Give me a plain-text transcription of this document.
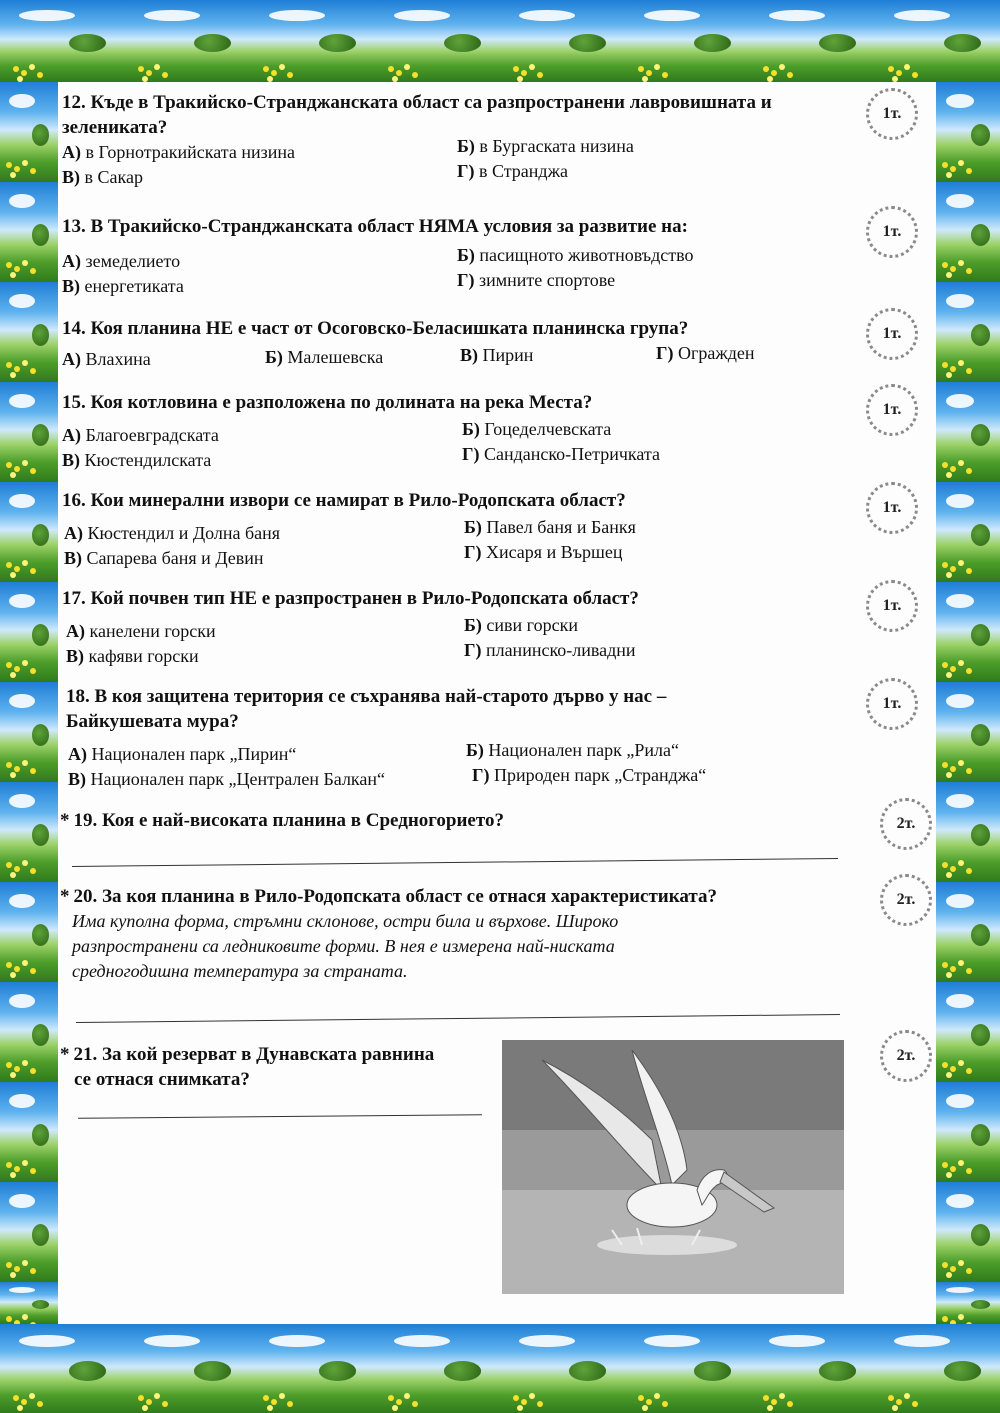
12. Къде в Тракийско-Странджанската област са разпространени лавровишната и зелениката?
А) в Горнотракийската низина	Б) в Бургаската низина
В) в Сакар	Г) в Странджа
1т.
13. В Тракийско-Странджанската област НЯМА условия за развитие на:
А) земеделието	Б) пасищното животновъдство
В) енергетиката	Г) зимните спортове
1т.
14. Коя планина НЕ е част от Осоговско-Беласишката планинска група?
А) Влахина	Б) Малешевска	В) Пирин	Г) Огражден
1т.
15. Коя котловина е разположена по долината на река Места?
А) Благоевградската	Б) Гоцеделчевската
В) Кюстендилската	Г) Санданско-Петричката
1т.
16. Кои минерални извори се намират в Рило-Родопската област?
А) Кюстендил и Долна баня	Б) Павел баня и Банкя
В) Сапарева баня и Девин	Г) Хисаря и Вършец
1т.
17. Кой почвен тип НЕ е разпространен в Рило-Родопската област?
А) канелени горски	Б) сиви горски
В) кафяви горски	Г) планинско-ливадни
1т.
18. В коя защитена територия се съхранява най-старото дърво у нас – Байкушевата мура?
А) Национален парк „Пирин“	Б) Национален парк „Рила“
В) Национален парк „Централен Балкан“	Г) Природен парк „Странджа“
1т.
* 19. Коя е най-високата планина в Средногорието?	2т.
* 20. За коя планина в Рило-Родопската област се отнася характеристиката?
Има куполна форма, стръмни склонове, остри била и върхове. Широко разпространени са ледниковите форми. В нея е измерена най-ниската средногодишна температура за страната.
2т.
* 21. За кой резерват в Дунавската равнина
се отнася снимката?
2т.
